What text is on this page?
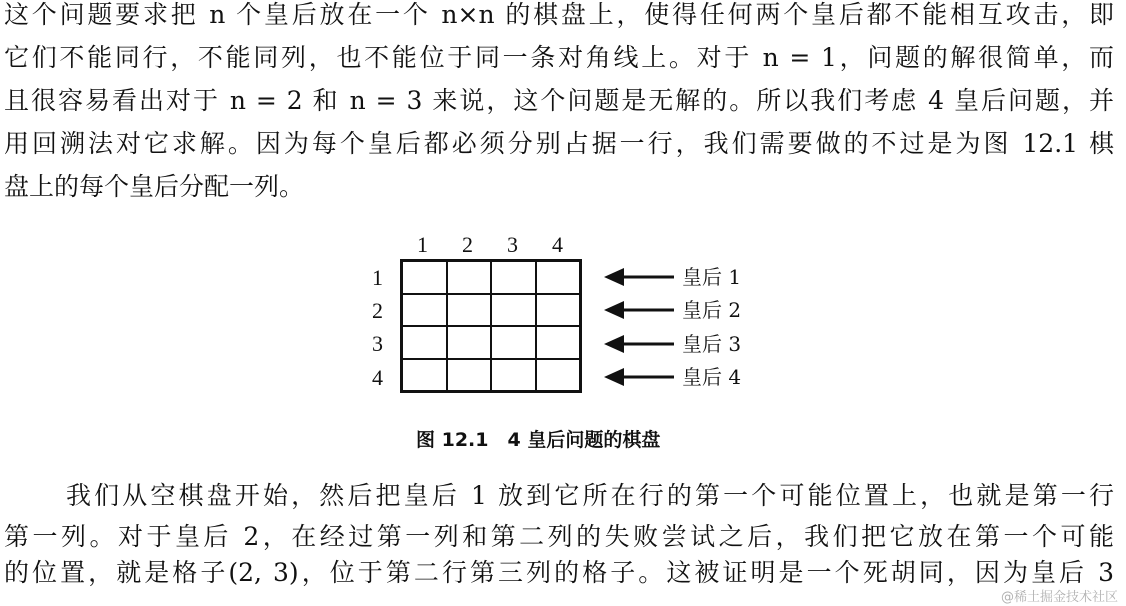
这个问题要求把 n 个皇后放在一个 n×n 的棋盘上，使得任何两个皇后都不能相互攻击，即
它们不能同行，不能同列，也不能位于同一条对角线上。对于 n = 1，问题的解很简单，而
且很容易看出对于 n = 2 和 n = 3 来说，这个问题是无解的。所以我们考虑 4 皇后问题，并
用回溯法对它求解。因为每个皇后都必须分别占据一行，我们需要做的不过是为图 12.1 棋
盘上的每个皇后分配一列。
1 2 3 4
1
2
3
4
皇后 1
皇后 2
皇后 3
皇后 4
图 12.1　4 皇后问题的棋盘
我们从空棋盘开始，然后把皇后 1 放到它所在行的第一个可能位置上，也就是第一行
第一列。对于皇后 2，在经过第一列和第二列的失败尝试之后，我们把它放在第一个可能
的位置，就是格子(2, 3)，位于第二行第三列的格子。这被证明是一个死胡同，因为皇后 3
@稀土掘金技术社区
